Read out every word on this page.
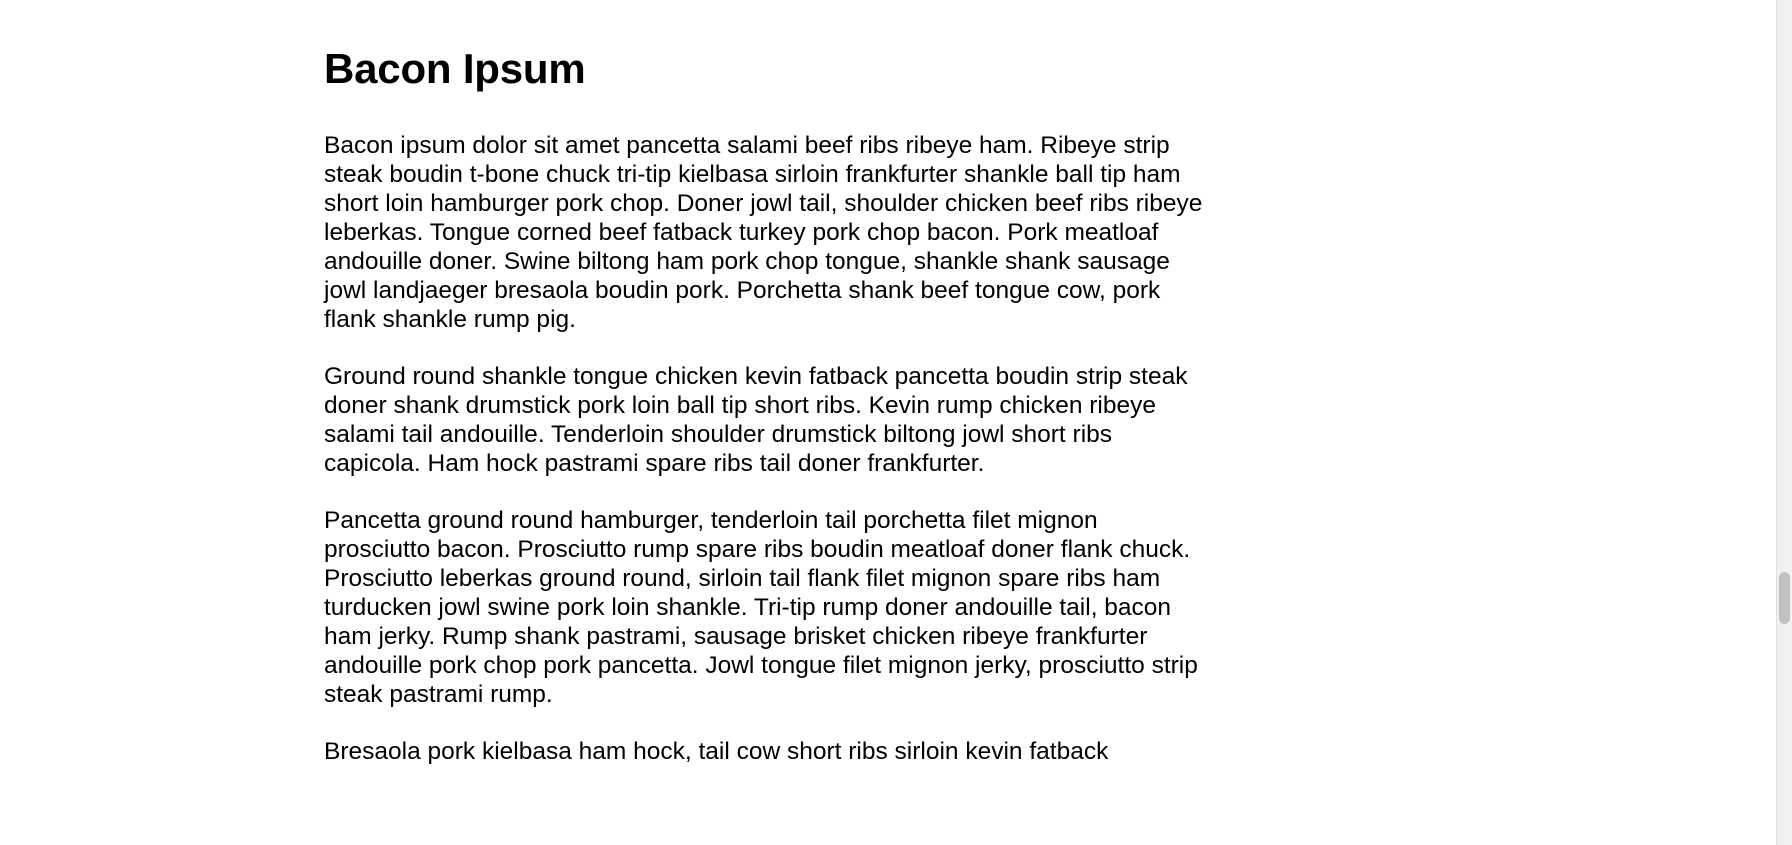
Bacon Ipsum

Bacon ipsum dolor sit amet pancetta salami beef ribs ribeye ham. Ribeye strip steak boudin t-bone chuck tri-tip kielbasa sirloin frankfurter shankle ball tip ham short loin hamburger pork chop. Doner jowl tail, shoulder chicken beef ribs ribeye leberkas. Tongue corned beef fatback turkey pork chop bacon. Pork meatloaf andouille doner. Swine biltong ham pork chop tongue, shankle shank sausage jowl landjaeger bresaola boudin pork. Porchetta shank beef tongue cow, pork flank shankle rump pig.

Ground round shankle tongue chicken kevin fatback pancetta boudin strip steak doner shank drumstick pork loin ball tip short ribs. Kevin rump chicken ribeye salami tail andouille. Tenderloin shoulder drumstick biltong jowl short ribs capicola. Ham hock pastrami spare ribs tail doner frankfurter.

Pancetta ground round hamburger, tenderloin tail porchetta filet mignon prosciutto bacon. Prosciutto rump spare ribs boudin meatloaf doner flank chuck. Prosciutto leberkas ground round, sirloin tail flank filet mignon spare ribs ham turducken jowl swine pork loin shankle. Tri-tip rump doner andouille tail, bacon ham jerky. Rump shank pastrami, sausage brisket chicken ribeye frankfurter andouille pork chop pork pancetta. Jowl tongue filet mignon jerky, prosciutto strip steak pastrami rump.

Bresaola pork kielbasa ham hock, tail cow short ribs sirloin kevin fatback
